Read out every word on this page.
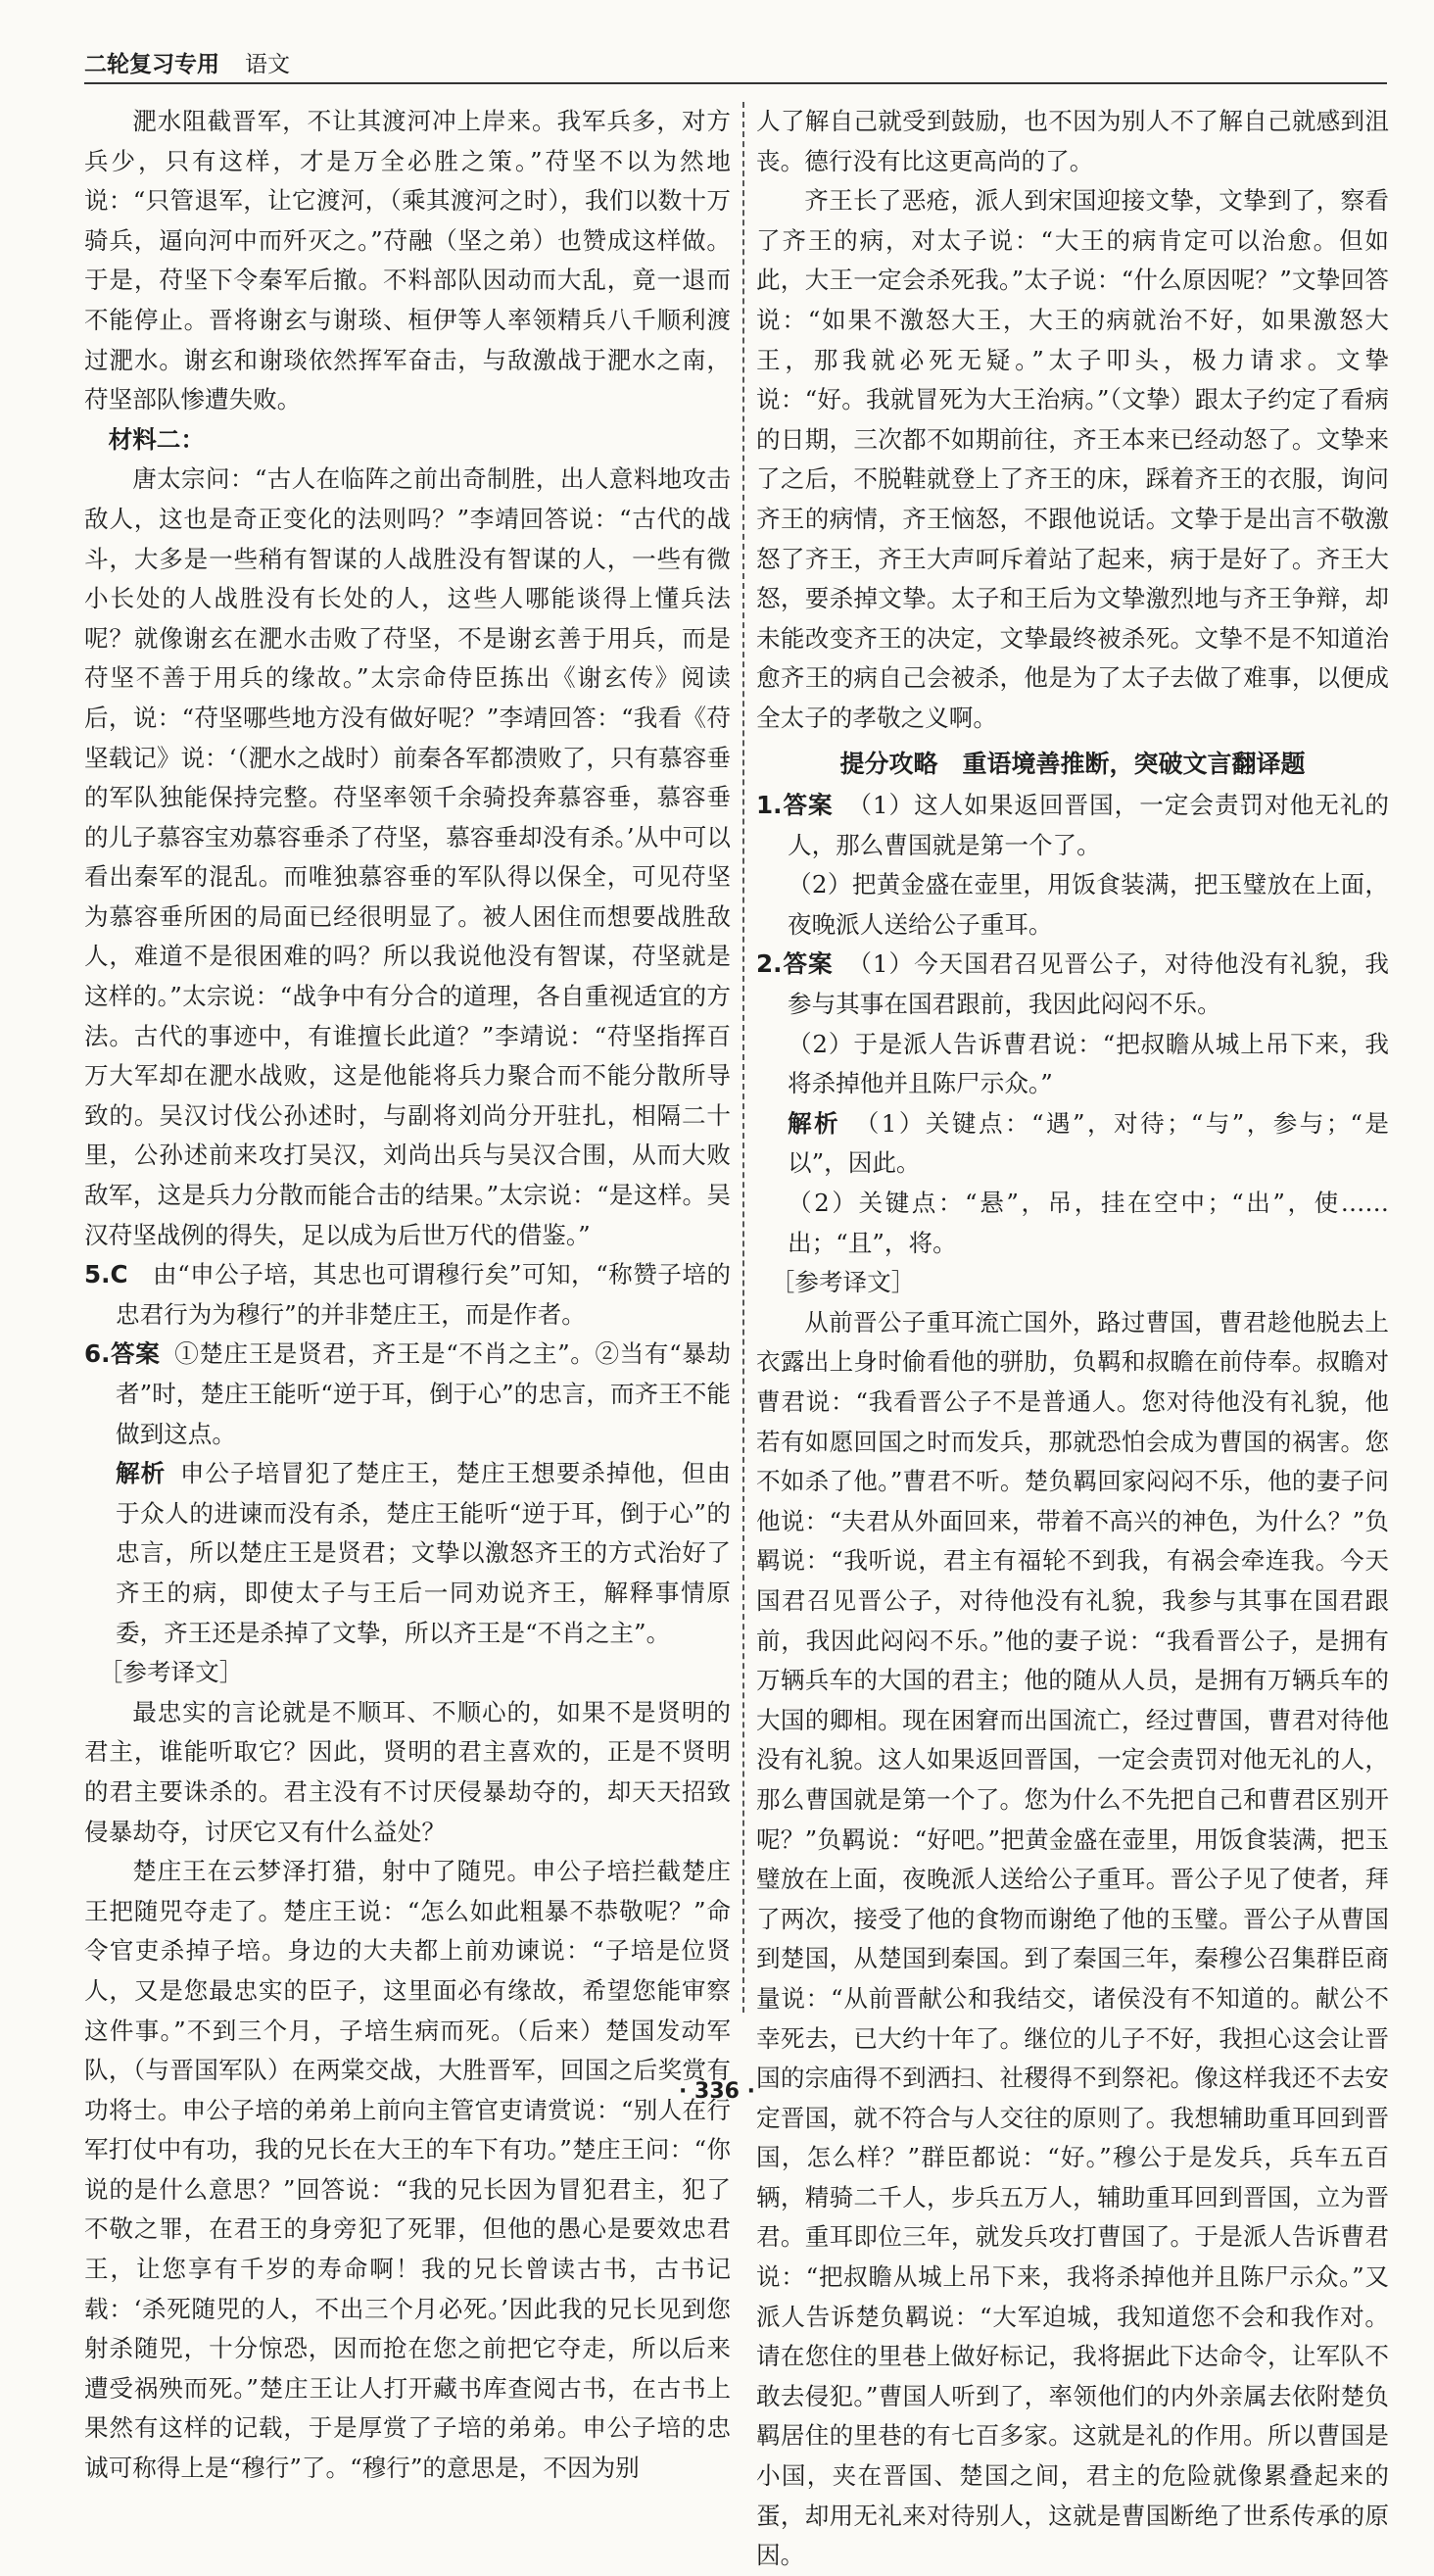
二轮复习专用 语文

淝水阻截晋军，不让其渡河冲上岸来。我军兵多，对方兵少，只有这样，才是万全必胜之策。”苻坚不以为然地说：“只管退军，让它渡河，（乘其渡河之时），我们以数十万骑兵，逼向河中而歼灭之。”苻融（坚之弟）也赞成这样做。于是，苻坚下令秦军后撤。不料部队因动而大乱，竟一退而不能停止。晋将谢玄与谢琰、桓伊等人率领精兵八千顺利渡过淝水。谢玄和谢琰依然挥军奋击，与敌激战于淝水之南，苻坚部队惨遭失败。

材料二：

唐太宗问：“古人在临阵之前出奇制胜，出人意料地攻击敌人，这也是奇正变化的法则吗？”李靖回答说：“古代的战斗，大多是一些稍有智谋的人战胜没有智谋的人，一些有微小长处的人战胜没有长处的人，这些人哪能谈得上懂兵法呢？就像谢玄在淝水击败了苻坚，不是谢玄善于用兵，而是苻坚不善于用兵的缘故。”太宗命侍臣拣出《谢玄传》阅读后，说：“苻坚哪些地方没有做好呢？”李靖回答：“我看《苻坚载记》说：‘（淝水之战时）前秦各军都溃败了，只有慕容垂的军队独能保持完整。苻坚率领千余骑投奔慕容垂，慕容垂的儿子慕容宝劝慕容垂杀了苻坚，慕容垂却没有杀。’从中可以看出秦军的混乱。而唯独慕容垂的军队得以保全，可见苻坚为慕容垂所困的局面已经很明显了。被人困住而想要战胜敌人，难道不是很困难的吗？所以我说他没有智谋，苻坚就是这样的。”太宗说：“战争中有分合的道理，各自重视适宜的方法。古代的事迹中，有谁擅长此道？”李靖说：“苻坚指挥百万大军却在淝水战败，这是他能将兵力聚合而不能分散所导致的。吴汉讨伐公孙述时，与副将刘尚分开驻扎，相隔二十里，公孙述前来攻打吴汉，刘尚出兵与吴汉合围，从而大败敌军，这是兵力分散而能合击的结果。”太宗说：“是这样。吴汉苻坚战例的得失，足以成为后世万代的借鉴。”

5.C　 由“申公子培，其忠也可谓穆行矣”可知，“称赞子培的忠君行为为穆行”的并非楚庄王，而是作者。

6.答案 ①楚庄王是贤君，齐王是“不肖之主”。②当有“暴劫者”时，楚庄王能听“逆于耳，倒于心”的忠言，而齐王不能做到这点。

解析 申公子培冒犯了楚庄王，楚庄王想要杀掉他，但由于众人的进谏而没有杀，楚庄王能听“逆于耳，倒于心”的忠言，所以楚庄王是贤君；文挚以激怒齐王的方式治好了齐王的病，即使太子与王后一同劝说齐王，解释事情原委，齐王还是杀掉了文挚，所以齐王是“不肖之主”。

［参考译文］

最忠实的言论就是不顺耳、不顺心的，如果不是贤明的君主，谁能听取它？因此，贤明的君主喜欢的，正是不贤明的君主要诛杀的。君主没有不讨厌侵暴劫夺的，却天天招致侵暴劫夺，讨厌它又有什么益处？

楚庄王在云梦泽打猎，射中了随兕。申公子培拦截楚庄王把随兕夺走了。楚庄王说：“怎么如此粗暴不恭敬呢？”命令官吏杀掉子培。身边的大夫都上前劝谏说：“子培是位贤人，又是您最忠实的臣子，这里面必有缘故，希望您能审察这件事。”不到三个月，子培生病而死。（后来）楚国发动军队，（与晋国军队）在两棠交战，大胜晋军，回国之后奖赏有功将士。申公子培的弟弟上前向主管官吏请赏说：“别人在行军打仗中有功，我的兄长在大王的车下有功。”楚庄王问：“你说的是什么意思？”回答说：“我的兄长因为冒犯君主，犯了不敬之罪，在君王的身旁犯了死罪，但他的愚心是要效忠君王，让您享有千岁的寿命啊！我的兄长曾读古书，古书记载：‘杀死随兕的人，不出三个月必死。’因此我的兄长见到您射杀随兕，十分惊恐，因而抢在您之前把它夺走，所以后来遭受祸殃而死。”楚庄王让人打开藏书库查阅古书，在古书上果然有这样的记载，于是厚赏了子培的弟弟。申公子培的忠诚可称得上是“穆行”了。“穆行”的意思是，不因为别

人了解自己就受到鼓励，也不因为别人不了解自己就感到沮丧。德行没有比这更高尚的了。

齐王长了恶疮，派人到宋国迎接文挚，文挚到了，察看了齐王的病，对太子说：“大王的病肯定可以治愈。但如此，大王一定会杀死我。”太子说：“什么原因呢？”文挚回答说：“如果不激怒大王，大王的病就治不好，如果激怒大王，那我就必死无疑。”太子叩头，极力请求。文挚说：“好。我就冒死为大王治病。”（文挚）跟太子约定了看病的日期，三次都不如期前往，齐王本来已经动怒了。文挚来了之后，不脱鞋就登上了齐王的床，踩着齐王的衣服，询问齐王的病情，齐王恼怒，不跟他说话。文挚于是出言不敬激怒了齐王，齐王大声呵斥着站了起来，病于是好了。齐王大怒，要杀掉文挚。太子和王后为文挚激烈地与齐王争辩，却未能改变齐王的决定，文挚最终被杀死。文挚不是不知道治愈齐王的病自己会被杀，他是为了太子去做了难事，以便成全太子的孝敬之义啊。

提分攻略　重语境善推断，突破文言翻译题

1.答案 （1）这人如果返回晋国，一定会责罚对他无礼的人，那么曹国就是第一个了。

（2）把黄金盛在壶里，用饭食装满，把玉璧放在上面，夜晚派人送给公子重耳。

2.答案 （1）今天国君召见晋公子，对待他没有礼貌，我参与其事在国君跟前，我因此闷闷不乐。

（2）于是派人告诉曹君说：“把叔瞻从城上吊下来，我将杀掉他并且陈尸示众。”

解析 （1）关键点：“遇”，对待；“与”，参与；“是以”，因此。

（2）关键点：“悬”，吊，挂在空中；“出”，使……出；“且”，将。

［参考译文］

从前晋公子重耳流亡国外，路过曹国，曹君趁他脱去上衣露出上身时偷看他的骈肋，负羁和叔瞻在前侍奉。叔瞻对曹君说：“我看晋公子不是普通人。您对待他没有礼貌，他若有如愿回国之时而发兵，那就恐怕会成为曹国的祸害。您不如杀了他。”曹君不听。楚负羁回家闷闷不乐，他的妻子问他说：“夫君从外面回来，带着不高兴的神色，为什么？”负羁说：“我听说，君主有福轮不到我，有祸会牵连我。今天国君召见晋公子，对待他没有礼貌，我参与其事在国君跟前，我因此闷闷不乐。”他的妻子说：“我看晋公子，是拥有万辆兵车的大国的君主；他的随从人员，是拥有万辆兵车的大国的卿相。现在困窘而出国流亡，经过曹国，曹君对待他没有礼貌。这人如果返回晋国，一定会责罚对他无礼的人，那么曹国就是第一个了。您为什么不先把自己和曹君区别开呢？”负羁说：“好吧。”把黄金盛在壶里，用饭食装满，把玉璧放在上面，夜晚派人送给公子重耳。晋公子见了使者，拜了两次，接受了他的食物而谢绝了他的玉璧。晋公子从曹国到楚国，从楚国到秦国。到了秦国三年，秦穆公召集群臣商量说：“从前晋献公和我结交，诸侯没有不知道的。献公不幸死去，已大约十年了。继位的儿子不好，我担心这会让晋国的宗庙得不到洒扫、社稷得不到祭祀。像这样我还不去安定晋国，就不符合与人交往的原则了。我想辅助重耳回到晋国，怎么样？”群臣都说：“好。”穆公于是发兵，兵车五百辆，精骑二千人，步兵五万人，辅助重耳回到晋国，立为晋君。重耳即位三年，就发兵攻打曹国了。于是派人告诉曹君说：“把叔瞻从城上吊下来，我将杀掉他并且陈尸示众。”又派人告诉楚负羁说：“大军迫城，我知道您不会和我作对。请在您住的里巷上做好标记，我将据此下达命令，让军队不敢去侵犯。”曹国人听到了，率领他们的内外亲属去依附楚负羁居住的里巷的有七百多家。这就是礼的作用。所以曹国是小国，夹在晋国、楚国之间，君主的危险就像累叠起来的蛋，却用无礼来对待别人，这就是曹国断绝了世系传承的原因。

· 336 ·
